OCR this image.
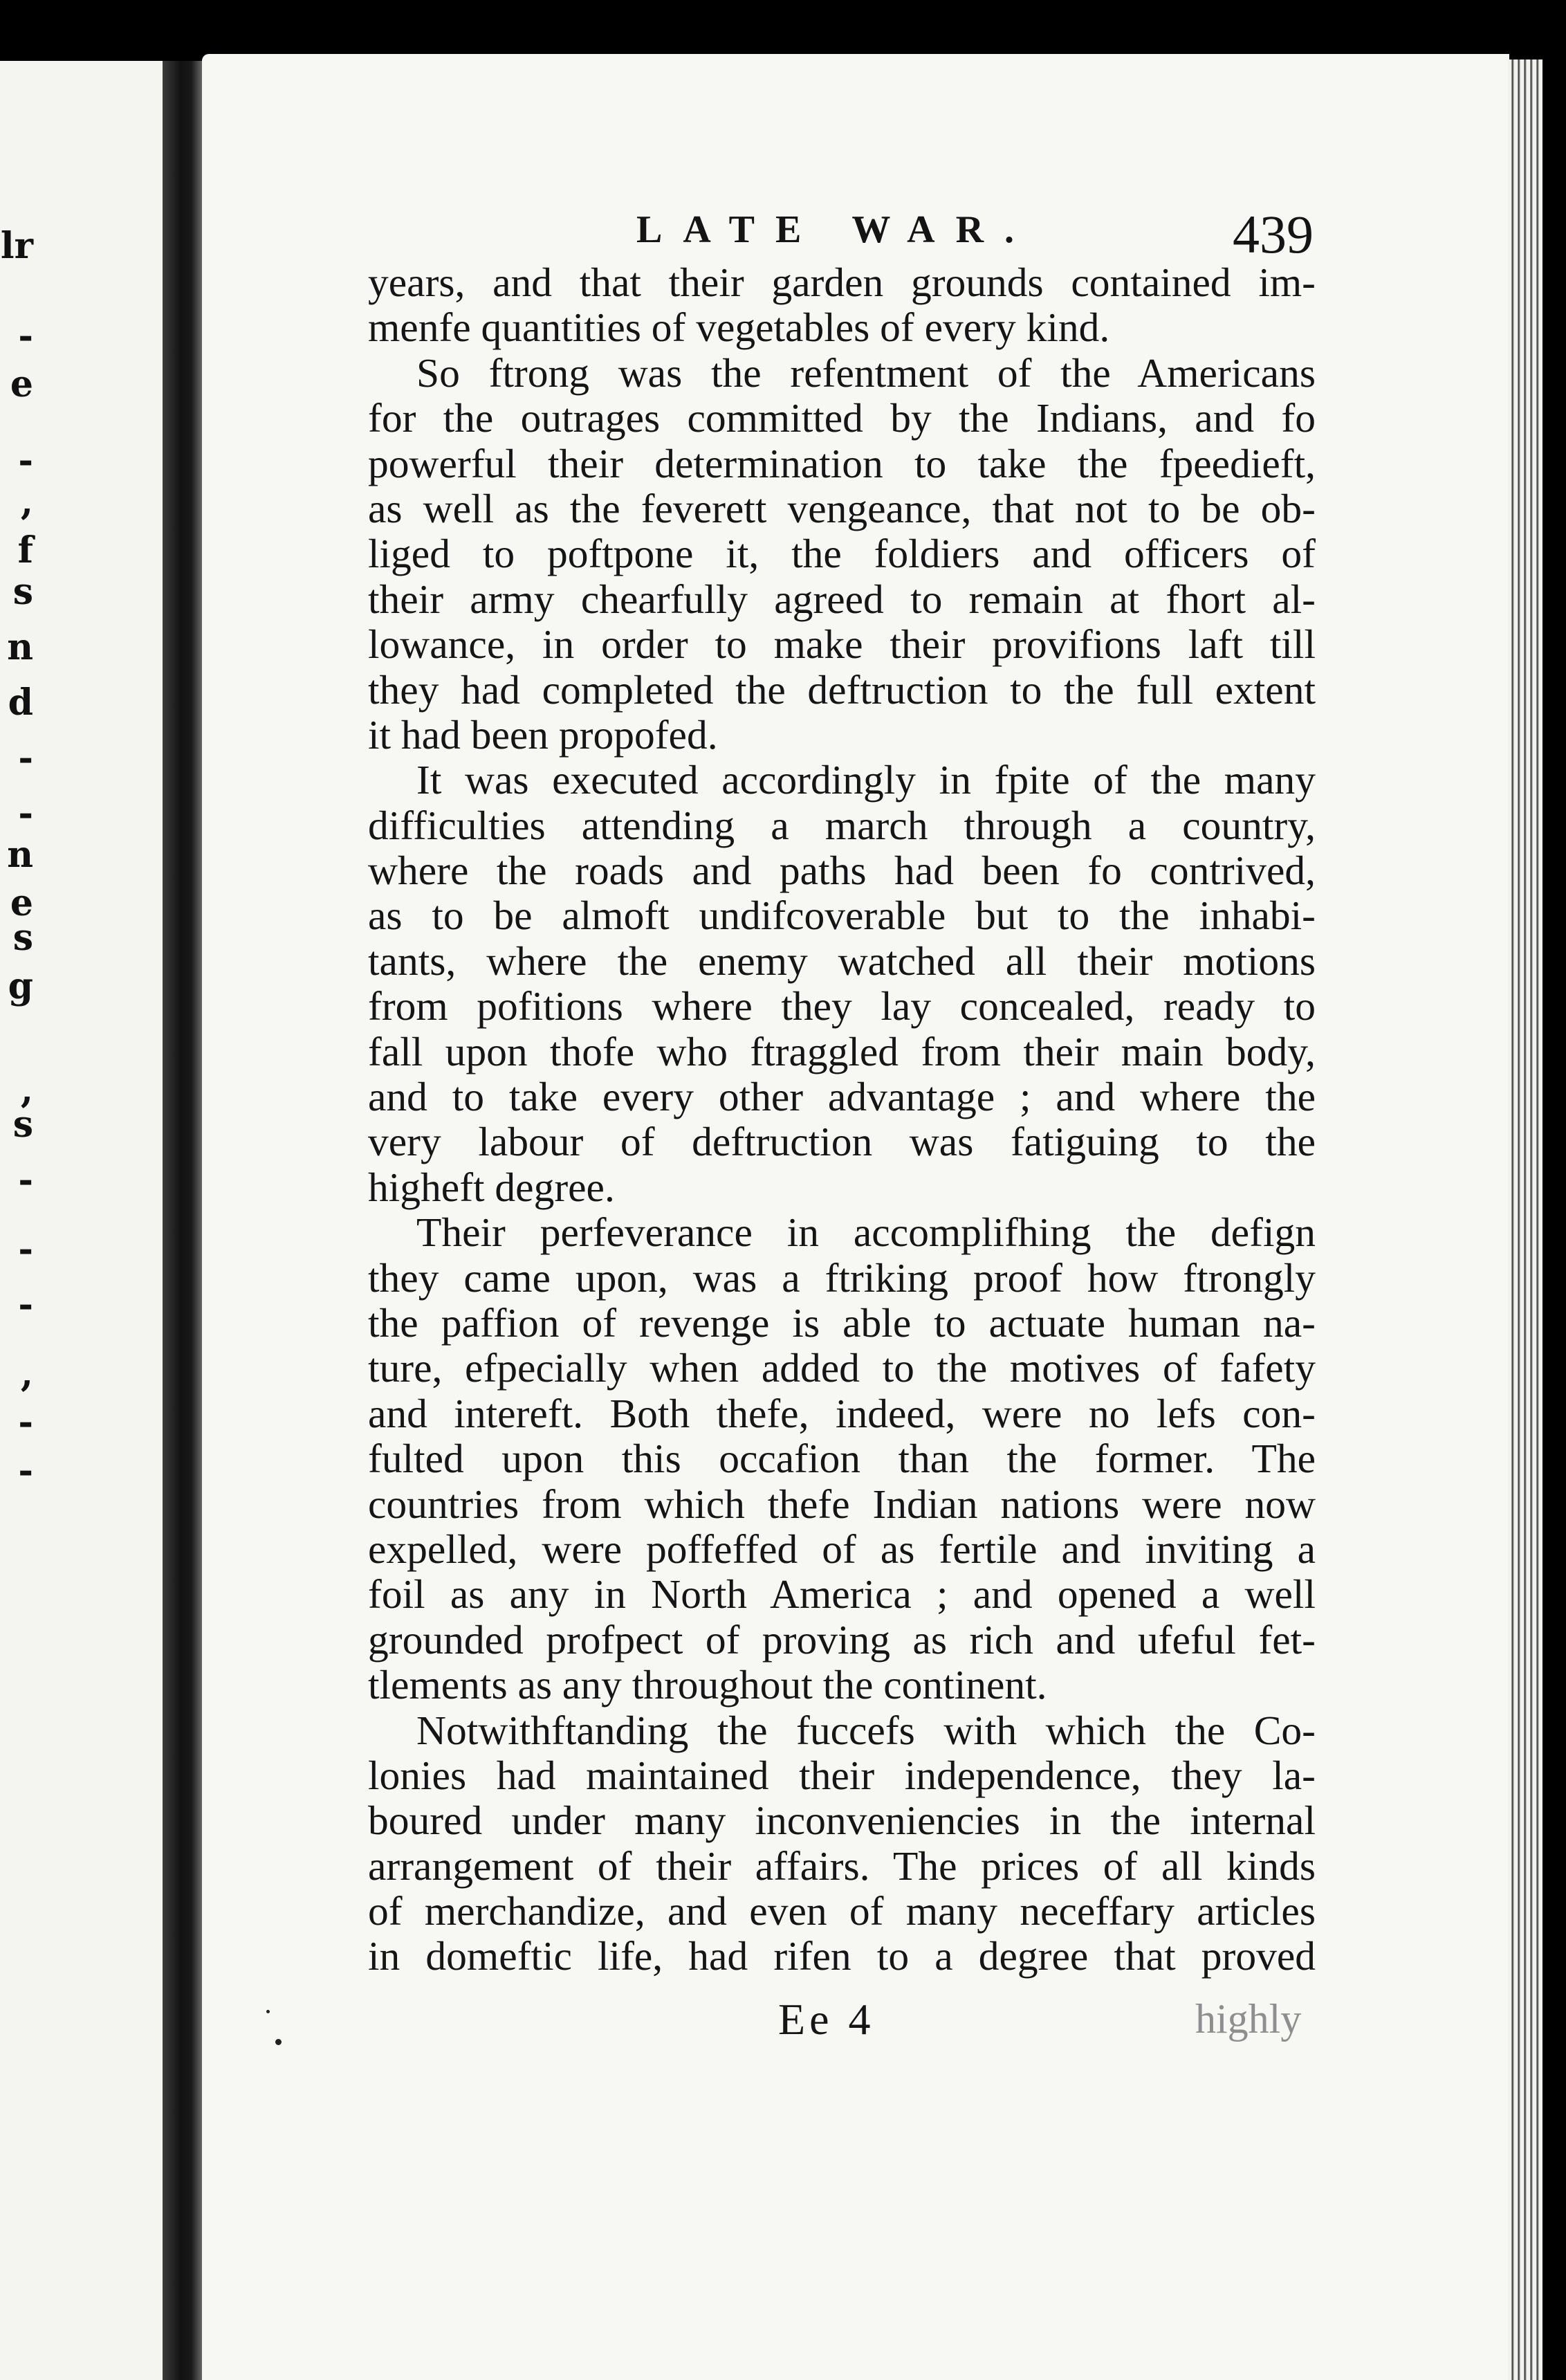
lr
-
e
-
,
f
s
n
d
-
-
n
e
s
g
,
s
-
-
-
,
-
-
LATE WAR.	439
years, and that their garden grounds contained im-
menfe quantities of vegetables of every kind.
So ftrong was the refentment of the Americans
for the outrages committed by the Indians, and fo
powerful their determination to take the fpeedieft,
as well as the feverett vengeance, that not to be ob-
liged to poftpone it, the foldiers and officers of
their army chearfully agreed to remain at fhort al-
lowance, in order to make their provifions laft till
they had completed the deftruction to the full extent
it had been propofed.
It was executed accordingly in fpite of the many
difficulties attending a march through a country,
where the roads and paths had been fo contrived,
as to be almoft undifcoverable but to the inhabi-
tants, where the enemy watched all their motions
from pofitions where they lay concealed, ready to
fall upon thofe who ftraggled from their main body,
and to take every other advantage ; and where the
very labour of deftruction was fatiguing to the
higheft degree.
Their perfeverance in accomplifhing the defign
they came upon, was a ftriking proof how ftrongly
the paffion of revenge is able to actuate human na-
ture, efpecially when added to the motives of fafety
and intereft. Both thefe, indeed, were no lefs con-
fulted upon this occafion than the former. The
countries from which thefe Indian nations were now
expelled, were poffeffed of as fertile and inviting a
foil as any in North America ; and opened a well
grounded profpect of proving as rich and ufeful fet-
tlements as any throughout the continent.
Notwithftanding the fuccefs with which the Co-
lonies had maintained their independence, they la-
boured under many inconveniencies in the internal
arrangement of their affairs. The prices of all kinds
of merchandize, and even of many neceffary articles
in domeftic life, had rifen to a degree that proved
Ee 4	highly
